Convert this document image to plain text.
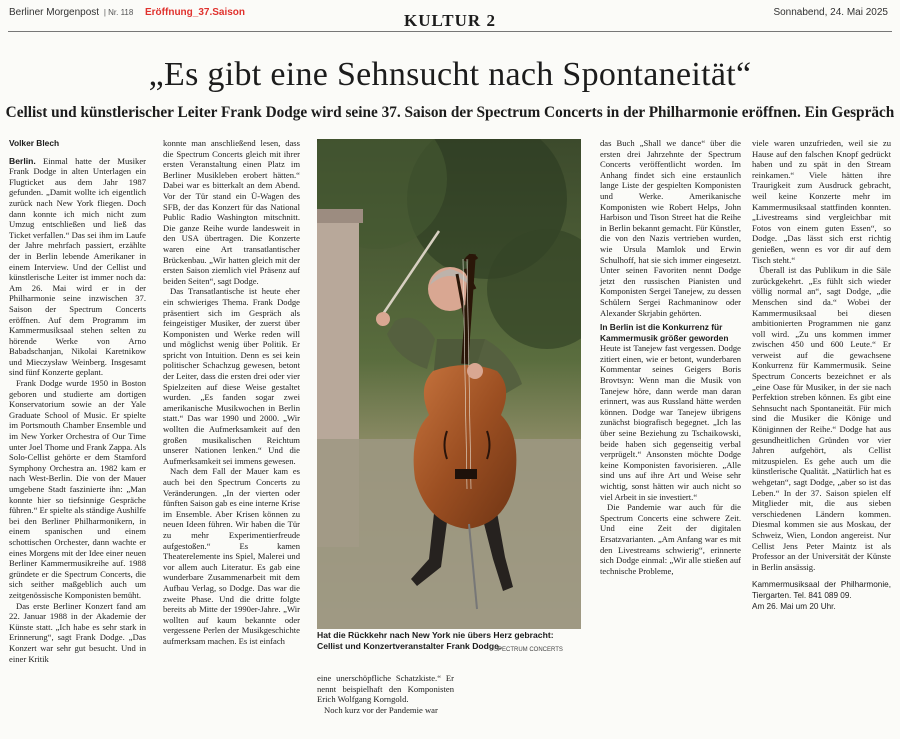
Berliner Morgenpost | Nr. 118 Eröffnung_37.Saison	KULTUR 2	Sonnabend, 24. Mai 2025
„Es gibt eine Sehnsucht nach Spontaneität“
Cellist und künstlerischer Leiter Frank Dodge wird seine 37. Saison der Spectrum Concerts in der Philharmonie eröffnen. Ein Gespräch
Volker Blech

Berlin. Einmal hatte der Musiker Frank Dodge in alten Unterlagen ein Flugticket aus dem Jahr 1987 gefunden. „Damit wollte ich eigentlich zurück nach New York fliegen. Doch dann konnte ich mich nicht zum Umzug entschließen und ließ das Ticket verfallen.“ Das sei ihm im Laufe der Jahre mehrfach passiert, erzählte der in Berlin lebende Amerikaner in einem Interview. Und der Cellist und künstlerische Leiter ist immer noch da: Am 26. Mai wird er in der Philharmonie seine inzwischen 37. Saison der Spectrum Concerts eröffnen. Auf dem Programm im Kammermusiksaal stehen selten zu hörende Werke von Arno Babadschanjan, Nikolai Karetnikow und Mieczysław Weinberg. Insgesamt sind fünf Konzerte geplant.

Frank Dodge wurde 1950 in Boston geboren und studierte am dortigen Konservatorium sowie an der Yale Graduate School of Music. Er spielte im Portsmouth Chamber Ensemble und im New Yorker Orchestra of Our Time unter Joel Thome und Frank Zappa. Als Solo-Cellist gehörte er dem Stamford Symphony Orchestra an. 1982 kam er nach West-Berlin. Die von der Mauer umgebene Stadt faszinierte ihn: „Man konnte hier so tiefsinnige Gespräche führen.“ Er spielte als ständige Aushilfe bei den Berliner Philharmonikern, in einem spanischen und einem schottischen Orchester, dann wachte er eines Morgens mit der Idee einer neuen Berliner Kammermusikreihe auf. 1988 gründete er die Spectrum Concerts, die sich seither maßgeblich auch um zeitgenössische Komponisten bemüht.

Das erste Berliner Konzert fand am 22. Januar 1988 in der Akademie der Künste statt. „Ich habe es sehr stark in Erinnerung“, sagt Frank Dodge. „Das Konzert war sehr gut besucht. Und in einer Kritik

konnte man anschließend lesen, dass die Spectrum Concerts gleich mit ihrer ersten Veranstaltung einen Platz im Berliner Musikleben erobert hätten.“ Dabei war es bitterkalt an dem Abend. Vor der Tür stand ein Ü-Wagen des SFB, der das Konzert für das National Public Radio Washington mitschnitt. Die ganze Reihe wurde landesweit in den USA übertragen. Die Konzerte waren eine Art transatlantischer Brückenbau. „Wir hatten gleich mit der ersten Saison ziemlich viel Präsenz auf beiden Seiten“, sagt Dodge.

Das Transatlantische ist heute eher ein schwieriges Thema. Frank Dodge präsentiert sich im Gespräch als feingeistiger Musiker, der zuerst über Komponisten und Werke reden will und möglichst wenig über Politik. Er spricht von Intuition. Denn es sei kein politischer Schachzug gewesen, betont der Leiter, dass die ersten drei oder vier Spielzeiten auf diese Weise gestaltet wurden. „Es fanden sogar zwei amerikanische Musikwochen in Berlin statt.“ Das war 1990 und 2000. „Wir wollten die Aufmerksamkeit auf den großen musikalischen Reichtum unserer Nationen lenken.“ Und die Aufmerksamkeit sei immens gewesen.

Nach dem Fall der Mauer kam es auch bei den Spectrum Concerts zu Veränderungen. „In der vierten oder fünften Saison gab es eine interne Krise im Ensemble. Aber Krisen können zu neuen Ideen führen. Wir haben die Tür zu mehr Experimentierfreude aufgestoßen.“ Es kamen Theaterelemente ins Spiel, Malerei und vor allem auch Literatur. Es gab eine wunderbare Zusammenarbeit mit dem Aufbau Verlag, so Dodge. Das war die zweite Phase. Und die dritte folgte bereits ab Mitte der 1990er-Jahre. „Wir wollten auf kaum bekannte oder vergessene Perlen der Musikgeschichte aufmerksam machen. Es ist einfach

Hat die Rückkehr nach New York nie übers Herz gebracht: Cellist und Konzertveranstalter Frank Dodge.
SPECTRUM CONCERTS

eine unerschöpfliche Schatzkiste.“ Er nennt beispielhaft den Komponisten Erich Wolfgang Korngold.

Noch kurz vor der Pandemie war

das Buch „Shall we dance“ über die ersten drei Jahrzehnte der Spectrum Concerts veröffentlicht worden. Im Anhang findet sich eine erstaunlich lange Liste der gespielten Komponisten und Werke. Amerikanische Komponisten wie Robert Helps, John Harbison und Tison Street hat die Reihe in Berlin bekannt gemacht. Für Künstler, die von den Nazis vertrieben wurden, wie Ursula Mamlok und Erwin Schulhoff, hat sie sich immer eingesetzt. Unter seinen Favoriten nennt Dodge jetzt den russischen Pianisten und Komponisten Sergei Tanejew, zu dessen Schülern Sergei Rachmaninow oder Alexander Skrjabin gehörten.

In Berlin ist die Konkurrenz für Kammermusik größer geworden

Heute ist Tanejew fast vergessen. Dodge zitiert einen, wie er betont, wunderbaren Kommentar seines Geigers Boris Brovtsyn: Wenn man die Musik von Tanejew höre, dann werde man daran erinnert, was aus Russland hätte werden können. Dodge war Tanejew übrigens zunächst biografisch begegnet. „Ich las über seine Beziehung zu Tschaikowski, beide haben sich gegenseitig verbal verprügelt.“ Ansonsten möchte Dodge keine Komponisten favorisieren. „Alle sind uns auf ihre Art und Weise sehr wichtig, sonst hätten wir auch nicht so viel Arbeit in sie investiert.“

Die Pandemie war auch für die Spectrum Concerts eine schwere Zeit. Und eine Zeit der digitalen Ersatzvarianten. „Am Anfang war es mit den Livestreams schwierig“, erinnerte sich Dodge einmal: „Wir alle stießen auf technische Probleme,

viele waren unzufrieden, weil sie zu Hause auf den falschen Knopf gedrückt haben und zu spät in den Stream reinkamen.“ Viele hätten ihre Traurigkeit zum Ausdruck gebracht, weil keine Konzerte mehr im Kammermusiksaal stattfinden konnten. „Livestreams sind vergleichbar mit Fotos von einem guten Essen“, so Dodge. „Das lässt sich erst richtig genießen, wenn es vor dir auf dem Tisch steht.“

Überall ist das Publikum in die Säle zurückgekehrt. „Es fühlt sich wieder völlig normal an“, sagt Dodge, „die Menschen sind da.“ Wobei der Kammermusiksaal bei diesen ambitionierten Programmen nie ganz voll wird. „Zu uns kommen immer zwischen 450 und 600 Leute.“ Er verweist auf die gewachsene Konkurrenz für Kammermusik. Seine Spectrum Concerts bezeichnet er als „eine Oase für Musiker, in der sie nach Perfektion streben können. Es gibt eine Sehnsucht nach Spontaneität. Für mich sind die Musiker die Könige und Königinnen der Reihe.“ Dodge hat aus gesundheitlichen Gründen vor vier Jahren aufgehört, als Cellist mitzuspielen. Es gehe auch um die künstlerische Qualität. „Natürlich hat es wehgetan“, sagt Dodge, „aber so ist das Leben.“ In der 37. Saison spielen elf Mitglieder mit, die aus sieben verschiedenen Ländern kommen. Diesmal kommen sie aus Moskau, der Schweiz, Wien, London angereist. Nur Cellist Jens Peter Maintz ist als Professor an der Universität der Künste in Berlin ansässig.

Kammermusiksaal der Philharmonie, Tiergarten. Tel. 841 089 09.

Am 26. Mai um 20 Uhr.
